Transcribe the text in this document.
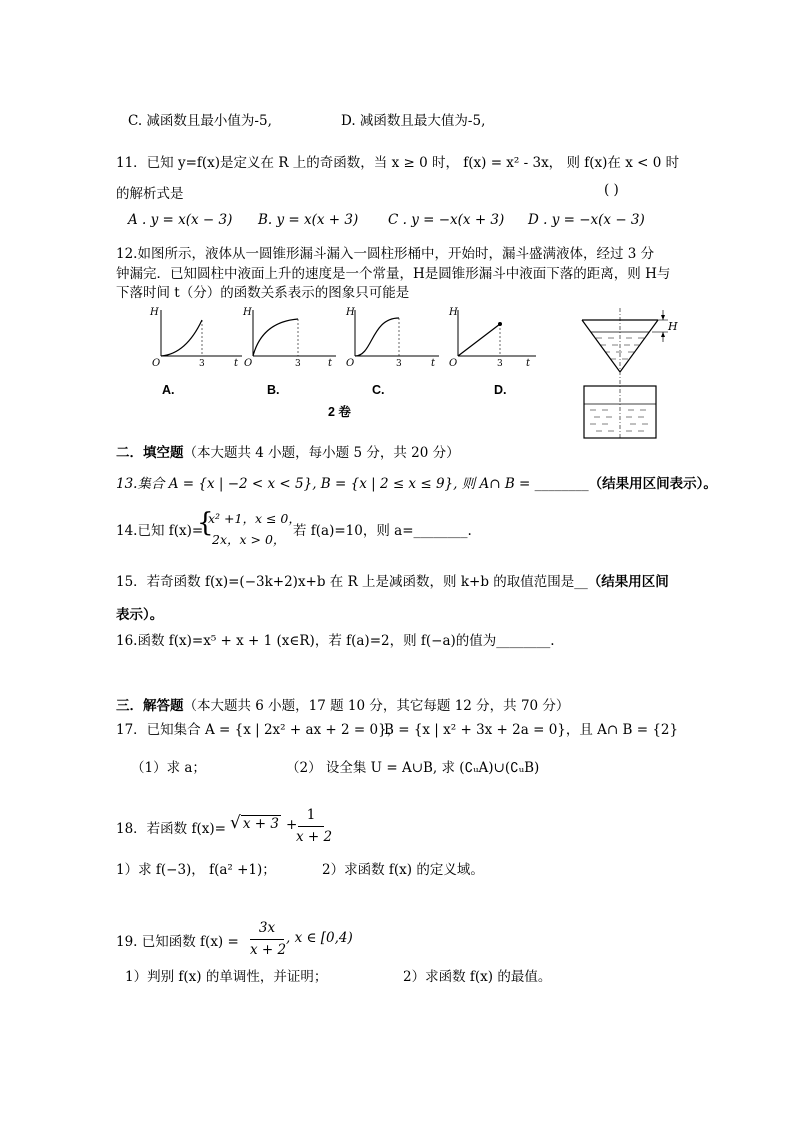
C. 减函数且最小值为-5,	D. 减函数且最大值为-5,
11．已知 y=f(x)是定义在 R 上的奇函数，当 x ≥ 0 时， f(x) = x² - 3x， 则 f(x)在 x < 0 时
的解析式是	( )
A . y = x(x − 3) B. y = x(x + 3) C . y = −x(x + 3) D . y = −x(x − 3)
12.如图所示，液体从一圆锥形漏斗漏入一圆柱形桶中，开始时，漏斗盛满液体，经过 3 分
钟漏完．已知圆柱中液面上升的速度是一个常量，H是圆锥形漏斗中液面下落的距离，则 H与
下落时间 t（分）的函数关系表示的图象只可能是
H
O	3	t
H
O	3	t
H
O	3	t
H
O	3 t
A.	B.	C.	D.
2 卷
H
二．填空题（本大题共 4 小题，每小题 5 分，共 20 分）
13.集合 A = {x | −2 < x < 5}, B = {x | 2 ≤ x ≤ 9}, 则 A∩ B = ________（结果用区间表示）。
14.已知 f(x)=
{
x² +1，x ≤ 0，
2x，x > 0，
若 f(a)=10，则 a=________.
15．若奇函数 f(x)=(−3k+2)x+b 在 R 上是减函数，则 k+b 的取值范围是__（结果用区间
表示）。
16.函数 f(x)=x⁵ + x + 1 (x∈R)，若 f(a)=2，则 f(−a)的值为________.
三．解答题（本大题共 6 小题，17 题 10 分，其它每题 12 分，共 70 分）
17．已知集合 A = {x | 2x² + ax + 2 = 0}，
B = {x | x² + 3x + 2a = 0}，且 A∩ B = {2}
（1）求 a；	（2） 设全集 U = A∪B, 求 (∁ᵤA)∪(∁ᵤB)
18．若函数 f(x)= √ x + 3 +
1
x + 2
1）求 f(−3)， f(a² +1)；	2）求函数 f(x) 的定义域。
19. 已知函数 f(x) =
3x
x + 2
, x ∈ [0,4)
1）判别 f(x) 的单调性，并证明；	2）求函数 f(x) 的最值。
